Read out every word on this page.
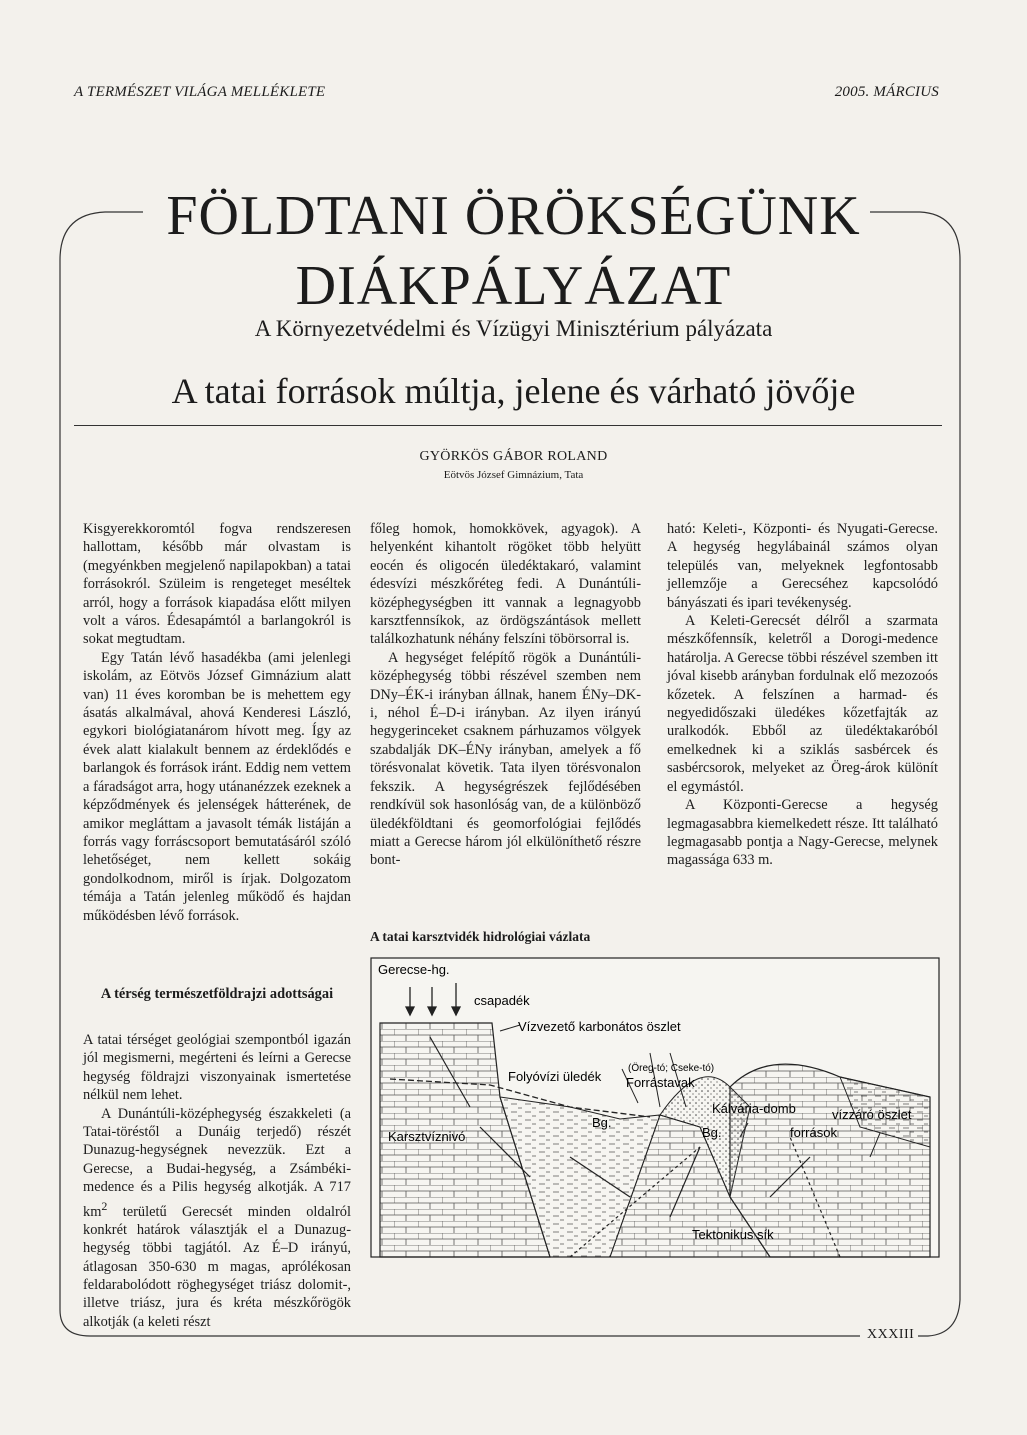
A TERMÉSZET VILÁGA MELLÉKLETE	2005. MÁRCIUS
FÖLDTANI ÖRÖKSÉGÜNK
DIÁKPÁLYÁZAT
A Környezetvédelmi és Vízügyi Minisztérium pályázata
A tatai források múltja, jelene és várható jövője
GYÖRKÖS GÁBOR ROLAND
Eötvös József Gimnázium, Tata

Kisgyerekkoromtól fogva rendszeresen hallottam, később már olvastam is (megyénkben megjelenő napilapokban) a tatai forrásokról. Szüleim is rengeteget meséltek arról, hogy a források kiapadása előtt milyen volt a város. Édesapámtól a barlangokról is sokat megtudtam.

Egy Tatán lévő hasadékba (ami jelenlegi iskolám, az Eötvös József Gimnázium alatt van) 11 éves koromban be is mehettem egy ásatás alkalmával, ahová Kenderesi László, egykori biológiatanárom hívott meg. Így az évek alatt kialakult bennem az érdeklődés e barlangok és források iránt. Eddig nem vettem a fáradságot arra, hogy utánanézzek ezeknek a képződmények és jelenségek hátterének, de amikor megláttam a javasolt témák listáján a forrás vagy forráscsoport bemutatásáról szóló lehetőséget, nem kellett sokáig gondolkodnom, miről is írjak. Dolgozatom témája a Tatán jelenleg működő és hajdan működésben lévő források.

A térség természetföldrajzi adottságai

A tatai térséget geológiai szempontból igazán jól megismerni, megérteni és leírni a Gerecse hegység földrajzi viszonyainak ismertetése nélkül nem lehet.

A Dunántúli-középhegység északkeleti (a Tatai-töréstől a Dunáig terjedő) részét Dunazug-hegységnek nevezzük. Ezt a Gerecse, a Budai-hegység, a Zsámbéki-medence és a Pilis hegység alkotják. A 717 $km^2$ területű Gerecsét minden oldalról konkrét határok választják el a Dunazug-hegység többi tagjától. Az É–D irányú, átlagosan 350-630 m magas, aprólékosan feldarabolódott röghegységet triász dolomit-, illetve triász, jura és kréta mészkőrögök alkotják (a keleti részt

főleg homok, homokkövek, agyagok). A helyenként kihantolt rögöket több helyütt eocén és oligocén üledéktakaró, valamint édesvízi mészkőréteg fedi. A Dunántúli-középhegységben itt vannak a legnagyobb karsztfennsíkok, az ördögszántások mellett találkozhatunk néhány felszíni töbörsorral is.

A hegységet felépítő rögök a Dunántúli-középhegység többi részével szemben nem DNy–ÉK-i irányban állnak, hanem ÉNy–DK-i, néhol É–D-i irányban. Az ilyen irányú hegygerinceket csaknem párhuzamos völgyek szabdalják DK–ÉNy irányban, amelyek a fő törésvonalat követik. Tata ilyen törésvonalon fekszik. A hegységrészek fejlődésében rendkívül sok hasonlóság van, de a különböző üledékföldtani és geomorfológiai fejlődés miatt a Gerecse három jól elkülöníthető részre bont-

ható: Keleti-, Központi- és Nyugati-Gerecse. A hegység hegylábainál számos olyan település van, melyeknek legfontosabb jellemzője a Gerecséhez kapcsolódó bányászati és ipari tevékenység.

A Keleti-Gerecsét délről a szarmata mészkőfennsík, keletről a Dorogi-medence határolja. A Gerecse többi részével szemben itt jóval kisebb arányban fordulnak elő mezozoós kőzetek. A felszínen a harmad- és negyedidőszaki üledékes kőzetfajták az uralkodók. Ebből az üledéktakaróból emelkednek ki a sziklás sasbércek és sasbércsorok, melyeket az Öreg-árok különít el egymástól.

A Központi-Gerecse a hegység legmagasabbra kiemelkedett része. Itt található legmagasabb pontja a Nagy-Gerecse, melynek magassága 633 m.

A tatai karsztvidék hidrológiai vázlata
Gerecse-hg.
csapadék
Vízvezető karbonátos öszlet
Folyóvízi üledék
(Öreg-tó; Cseke-tó)
Forrástavak
Kálvária-domb
Bg.
Bg.
vízzáró öszlet
Karsztvíznivó	források
Tektonikus sík
XXXIII
